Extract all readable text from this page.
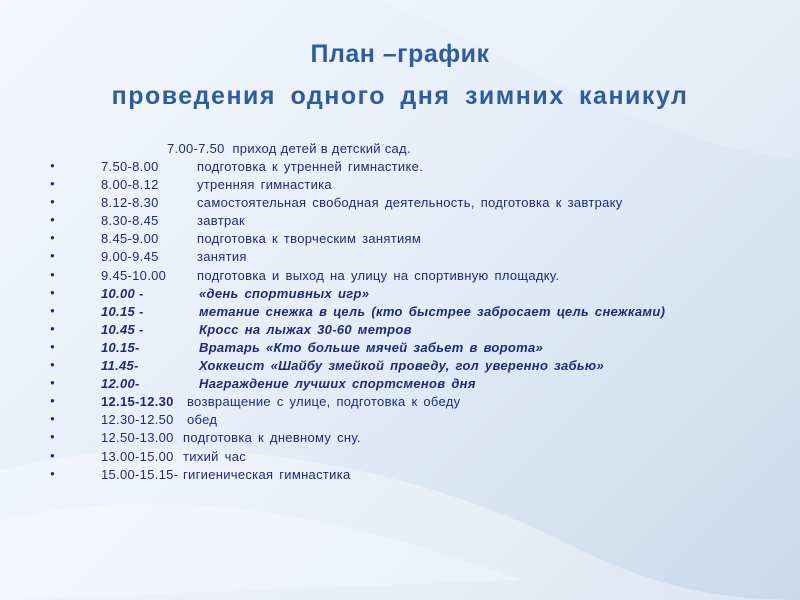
План –график
проведения одного дня зимних каникул
7.00-7.50 приход детей в детский сад.
●	7.50-8.00	подготовка к утренней гимнастике.
●	8.00-8.12	утренняя гимнастика
●	8.12-8.30	самостоятельная свободная деятельность, подготовка к завтраку
●	8.30-8.45	завтрак
●	8.45-9.00	подготовка к творческим занятиям
●	9.00-9.45	занятия
●	9.45-10.00 подготовка и выход на улицу на спортивную площадку.
●	10.00 -	«день спортивных игр»
●	10.15 -	метание снежка в цель (кто быстрее забросает цель снежками)
●	10.45 -	Кросс на лыжах 30-60 метров
●	10.15-	Вратарь «Кто больше мячей забьет в ворота»
●	11.45-	Хоккеист «Шайбу змейкой проведу, гол уверенно забью»
●	12.00-	Награждение лучших спортсменов дня
●	12.15-12.30 возвращение с улице, подготовка к обеду
●	12.30-12.50 обед
●	12.50-13.00 подготовка к дневному сну.
●	13.00-15.00 тихий час
●	15.00-15.15- гигиеническая гимнастика
